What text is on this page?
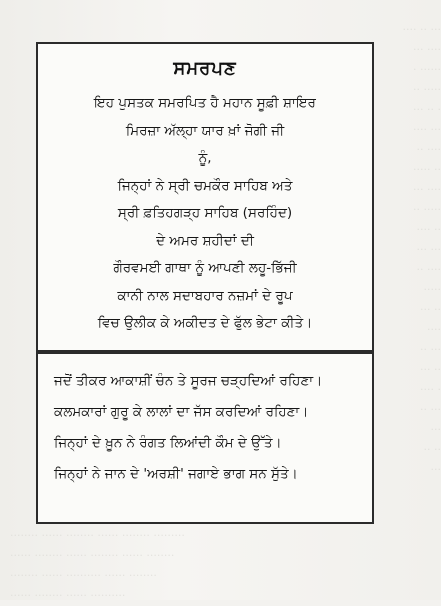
···· ·· ···
··· ····
· ······
·· ·····
··· ·· ·
···· ···
·· ····
····· ··
··· ····
·· ·····
···· ··
··· ···
·· ····
·····
··· ··
····
·· ···
··· ··
···· ·
·· ···
···
·· ··
···
········ ······ ········ ······ ········ ·········
······ ········ ······ ········ ······ ········
········ ······ ·········· ······ ········
······ ········ ······ ··········
ਸਮਰਪਣ
ਇਹ ਪੁਸਤਕ ਸਮਰਪਿਤ ਹੈ ਮਹਾਨ ਸੂਫ਼ੀ ਸ਼ਾਇਰ
ਮਿਰਜ਼ਾ ਅੱਲ੍ਹਾ ਯਾਰ ਖ਼ਾਂ ਜੋਗੀ ਜੀ
ਨੂੰ,
ਜਿਨ੍ਹਾਂ ਨੇ ਸ੍ਰੀ ਚਮਕੌਰ ਸਾਹਿਬ ਅਤੇ
ਸ੍ਰੀ ਫ਼ਤਿਹਗੜ੍ਹ ਸਾਹਿਬ (ਸਰਹਿੰਦ)
ਦੇ ਅਮਰ ਸ਼ਹੀਦਾਂ ਦੀ
ਗੌਰਵਮਈ ਗਾਥਾ ਨੂੰ ਆਪਣੀ ਲਹੂ-ਭਿੱਜੀ
ਕਾਨੀ ਨਾਲ ਸਦਾਬਹਾਰ ਨਜ਼ਮਾਂ ਦੇ ਰੂਪ
ਵਿਚ ਉਲੀਕ ਕੇ ਅਕੀਦਤ ਦੇ ਫੁੱਲ ਭੇਟਾ ਕੀਤੇ।
ਜਦੋਂ ਤੀਕਰ ਆਕਾਸ਼ੀਂ ਚੰਨ ਤੇ ਸੂਰਜ ਚੜ੍ਹਦਿਆਂ ਰਹਿਣਾ।
ਕਲਮਕਾਰਾਂ ਗੁਰੂ ਕੇ ਲਾਲਾਂ ਦਾ ਜੱਸ ਕਰਦਿਆਂ ਰਹਿਣਾ।
ਜਿਨ੍ਹਾਂ ਦੇ ਖ਼ੂਨ ਨੇ ਰੰਗਤ ਲਿਆਂਦੀ ਕੌਮ ਦੇ ਉੱਤੇ।
ਜਿਨ੍ਹਾਂ ਨੇ ਜਾਨ ਦੇ 'ਅਰਸ਼ੀ' ਜਗਾਏ ਭਾਗ ਸਨ ਸੁੱਤੇ।
